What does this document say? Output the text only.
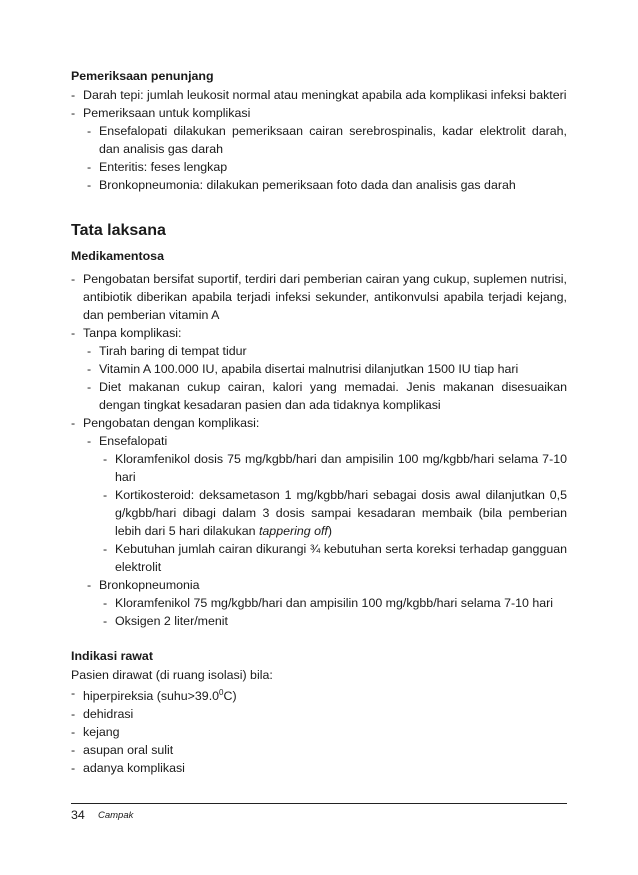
Pemeriksaan penunjang

- Darah tepi: jumlah leukosit normal atau meningkat apabila ada komplikasi infeksi bakteri
- Pemeriksaan untuk komplikasi
- Ensefalopati dilakukan pemeriksaan cairan serebrospinalis, kadar elektrolit darah, dan analisis gas darah
- Enteritis: feses lengkap
- Bronkopneumonia: dilakukan pemeriksaan foto dada dan analisis gas darah

Tata laksana

Medikamentosa

- Pengobatan bersifat suportif, terdiri dari pemberian cairan yang cukup, suplemen nutrisi, antibiotik diberikan apabila terjadi infeksi sekunder, antikonvulsi apabila terjadi kejang, dan pemberian vitamin A
- Tanpa komplikasi:
- Tirah baring di tempat tidur
- Vitamin A 100.000 IU, apabila disertai malnutrisi dilanjutkan 1500 IU tiap hari
- Diet makanan cukup cairan, kalori yang memadai. Jenis makanan disesuaikan dengan tingkat kesadaran pasien dan ada tidaknya komplikasi
- Pengobatan dengan komplikasi:
- Ensefalopati
- Kloramfenikol dosis 75 mg/kgbb/hari dan ampisilin 100 mg/kgbb/hari selama 7-10 hari
- Kortikosteroid: deksametason 1 mg/kgbb/hari sebagai dosis awal dilanjutkan 0,5 g/kgbb/hari dibagi dalam 3 dosis sampai kesadaran membaik (bila pemberian lebih dari 5 hari dilakukan tappering off)
- Kebutuhan jumlah cairan dikurangi ¾ kebutuhan serta koreksi terhadap gangguan elektrolit
- Bronkopneumonia
- Kloramfenikol 75 mg/kgbb/hari dan ampisilin 100 mg/kgbb/hari selama 7-10 hari
- Oksigen 2 liter/menit

Indikasi rawat

Pasien dirawat (di ruang isolasi) bila:
- hiperpireksia $(suhu>39.0^0C)$
- dehidrasi
- kejang
- asupan oral sulit
- adanya komplikasi
34 Campak
